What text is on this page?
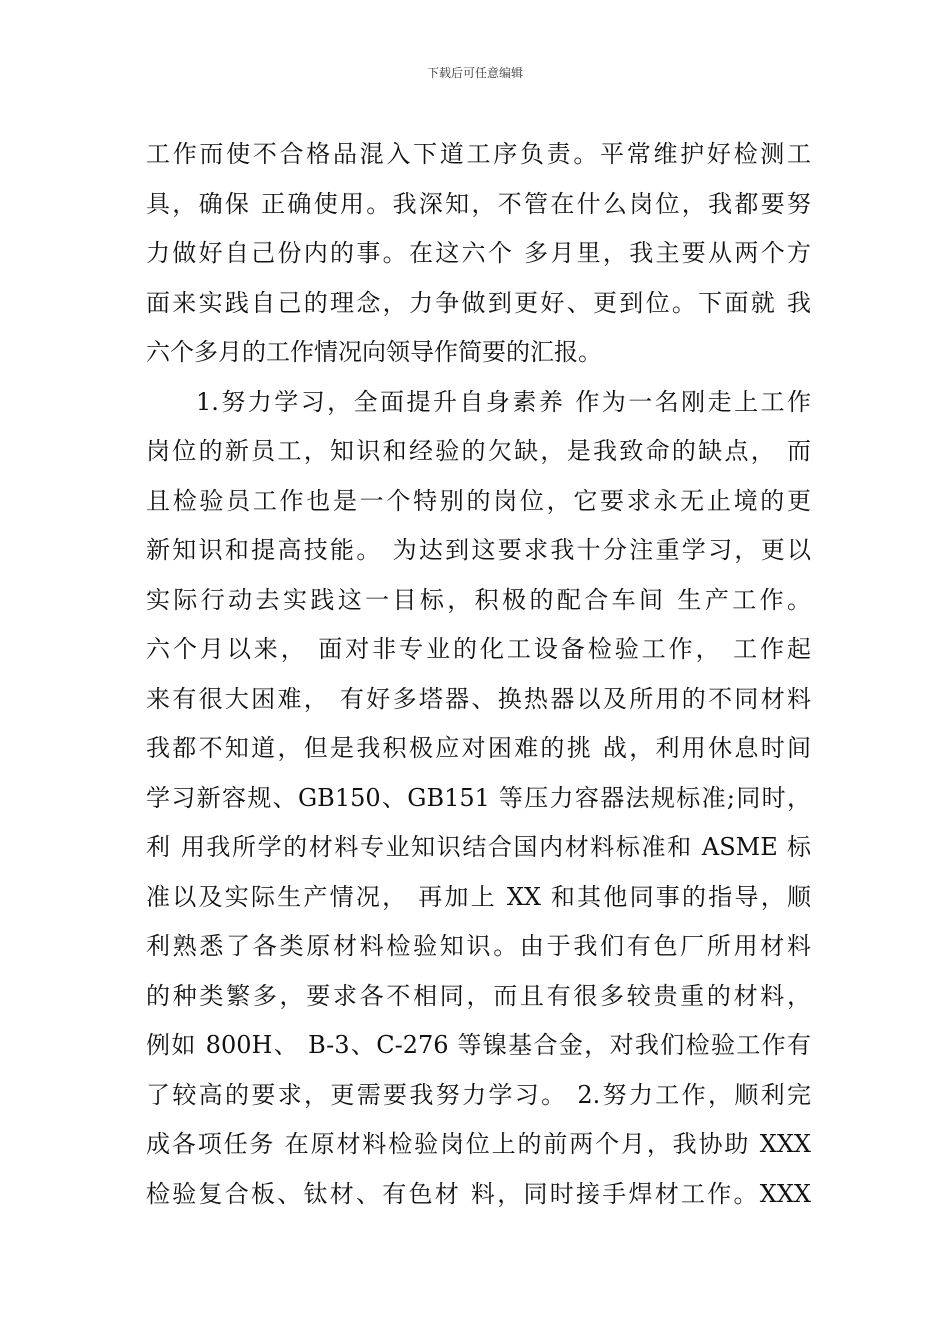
下载后可任意编辑
工作而使不合格品混入下道工序负责。平常维护好检测工
具，确保 正确使用。我深知，不管在什么岗位，我都要努
力做好自己份内的事。在这六个 多月里，我主要从两个方
面来实践自己的理念，力争做到更好、更到位。下面就 我
六个多月的工作情况向领导作简要的汇报。
1.努力学习，全面提升自身素养 作为一名刚走上工作
岗位的新员工，知识和经验的欠缺，是我致命的缺点， 而
且检验员工作也是一个特别的岗位，它要求永无止境的更
新知识和提高技能。 为达到这要求我十分注重学习，更以
实际行动去实践这一目标，积极的配合车间 生产工作。
六个月以来， 面对非专业的化工设备检验工作， 工作起
来有很大困难， 有好多塔器、换热器以及所用的不同材料
我都不知道，但是我积极应对困难的挑 战，利用休息时间
学习新容规、GB150、GB151 等压力容器法规标准;同时，
利 用我所学的材料专业知识结合国内材料标准和 ASME 标
准以及实际生产情况， 再加上 XX 和其他同事的指导，顺
利熟悉了各类原材料检验知识。由于我们有色厂所用材料
的种类繁多，要求各不相同，而且有很多较贵重的材料，
例如 800H、 B-3、C-276 等镍基合金，对我们检验工作有
了较高的要求，更需要我努力学习。 2.努力工作，顺利完
成各项任务 在原材料检验岗位上的前两个月，我协助 XXX
检验复合板、钛材、有色材 料，同时接手焊材工作。XXX
